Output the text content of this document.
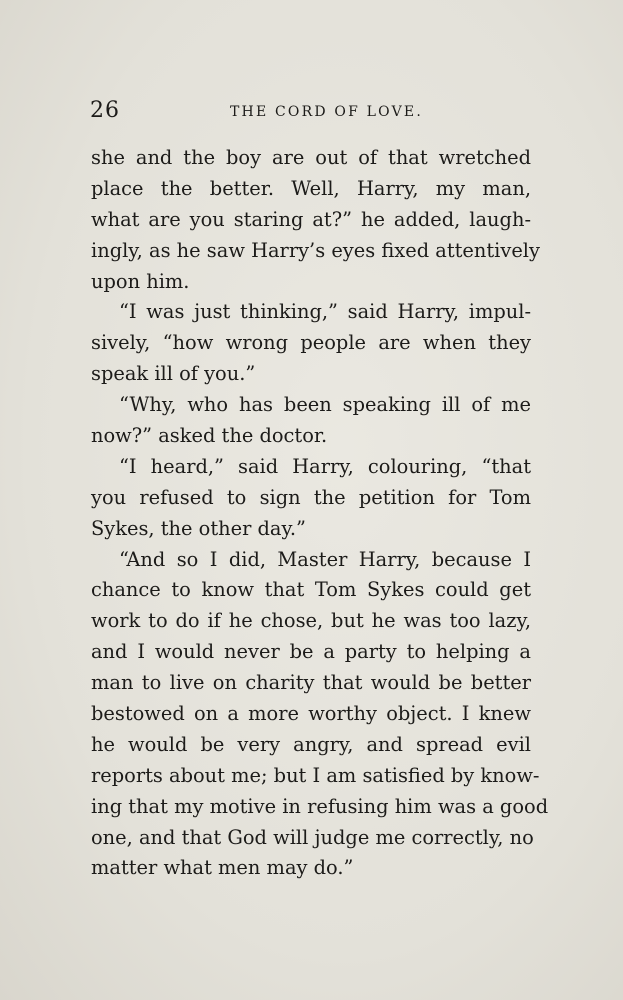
26	THE CORD OF LOVE.
she and the boy are out of that wretched
place the better. Well, Harry, my man,
what are you staring at?” he added, laugh-
ingly, as he saw Harry’s eyes fixed attentively
upon him.
“I was just thinking,” said Harry, impul-
sively, “how wrong people are when they
speak ill of you.”
“Why, who has been speaking ill of me
now?” asked the doctor.
“I heard,” said Harry, colouring, “that
you refused to sign the petition for Tom
Sykes, the other day.”
“And so I did, Master Harry, because I
chance to know that Tom Sykes could get
work to do if he chose, but he was too lazy,
and I would never be a party to helping a
man to live on charity that would be better
bestowed on a more worthy object. I knew
he would be very angry, and spread evil
reports about me; but I am satisfied by know-
ing that my motive in refusing him was a good
one, and that God will judge me correctly, no
matter what men may do.”
